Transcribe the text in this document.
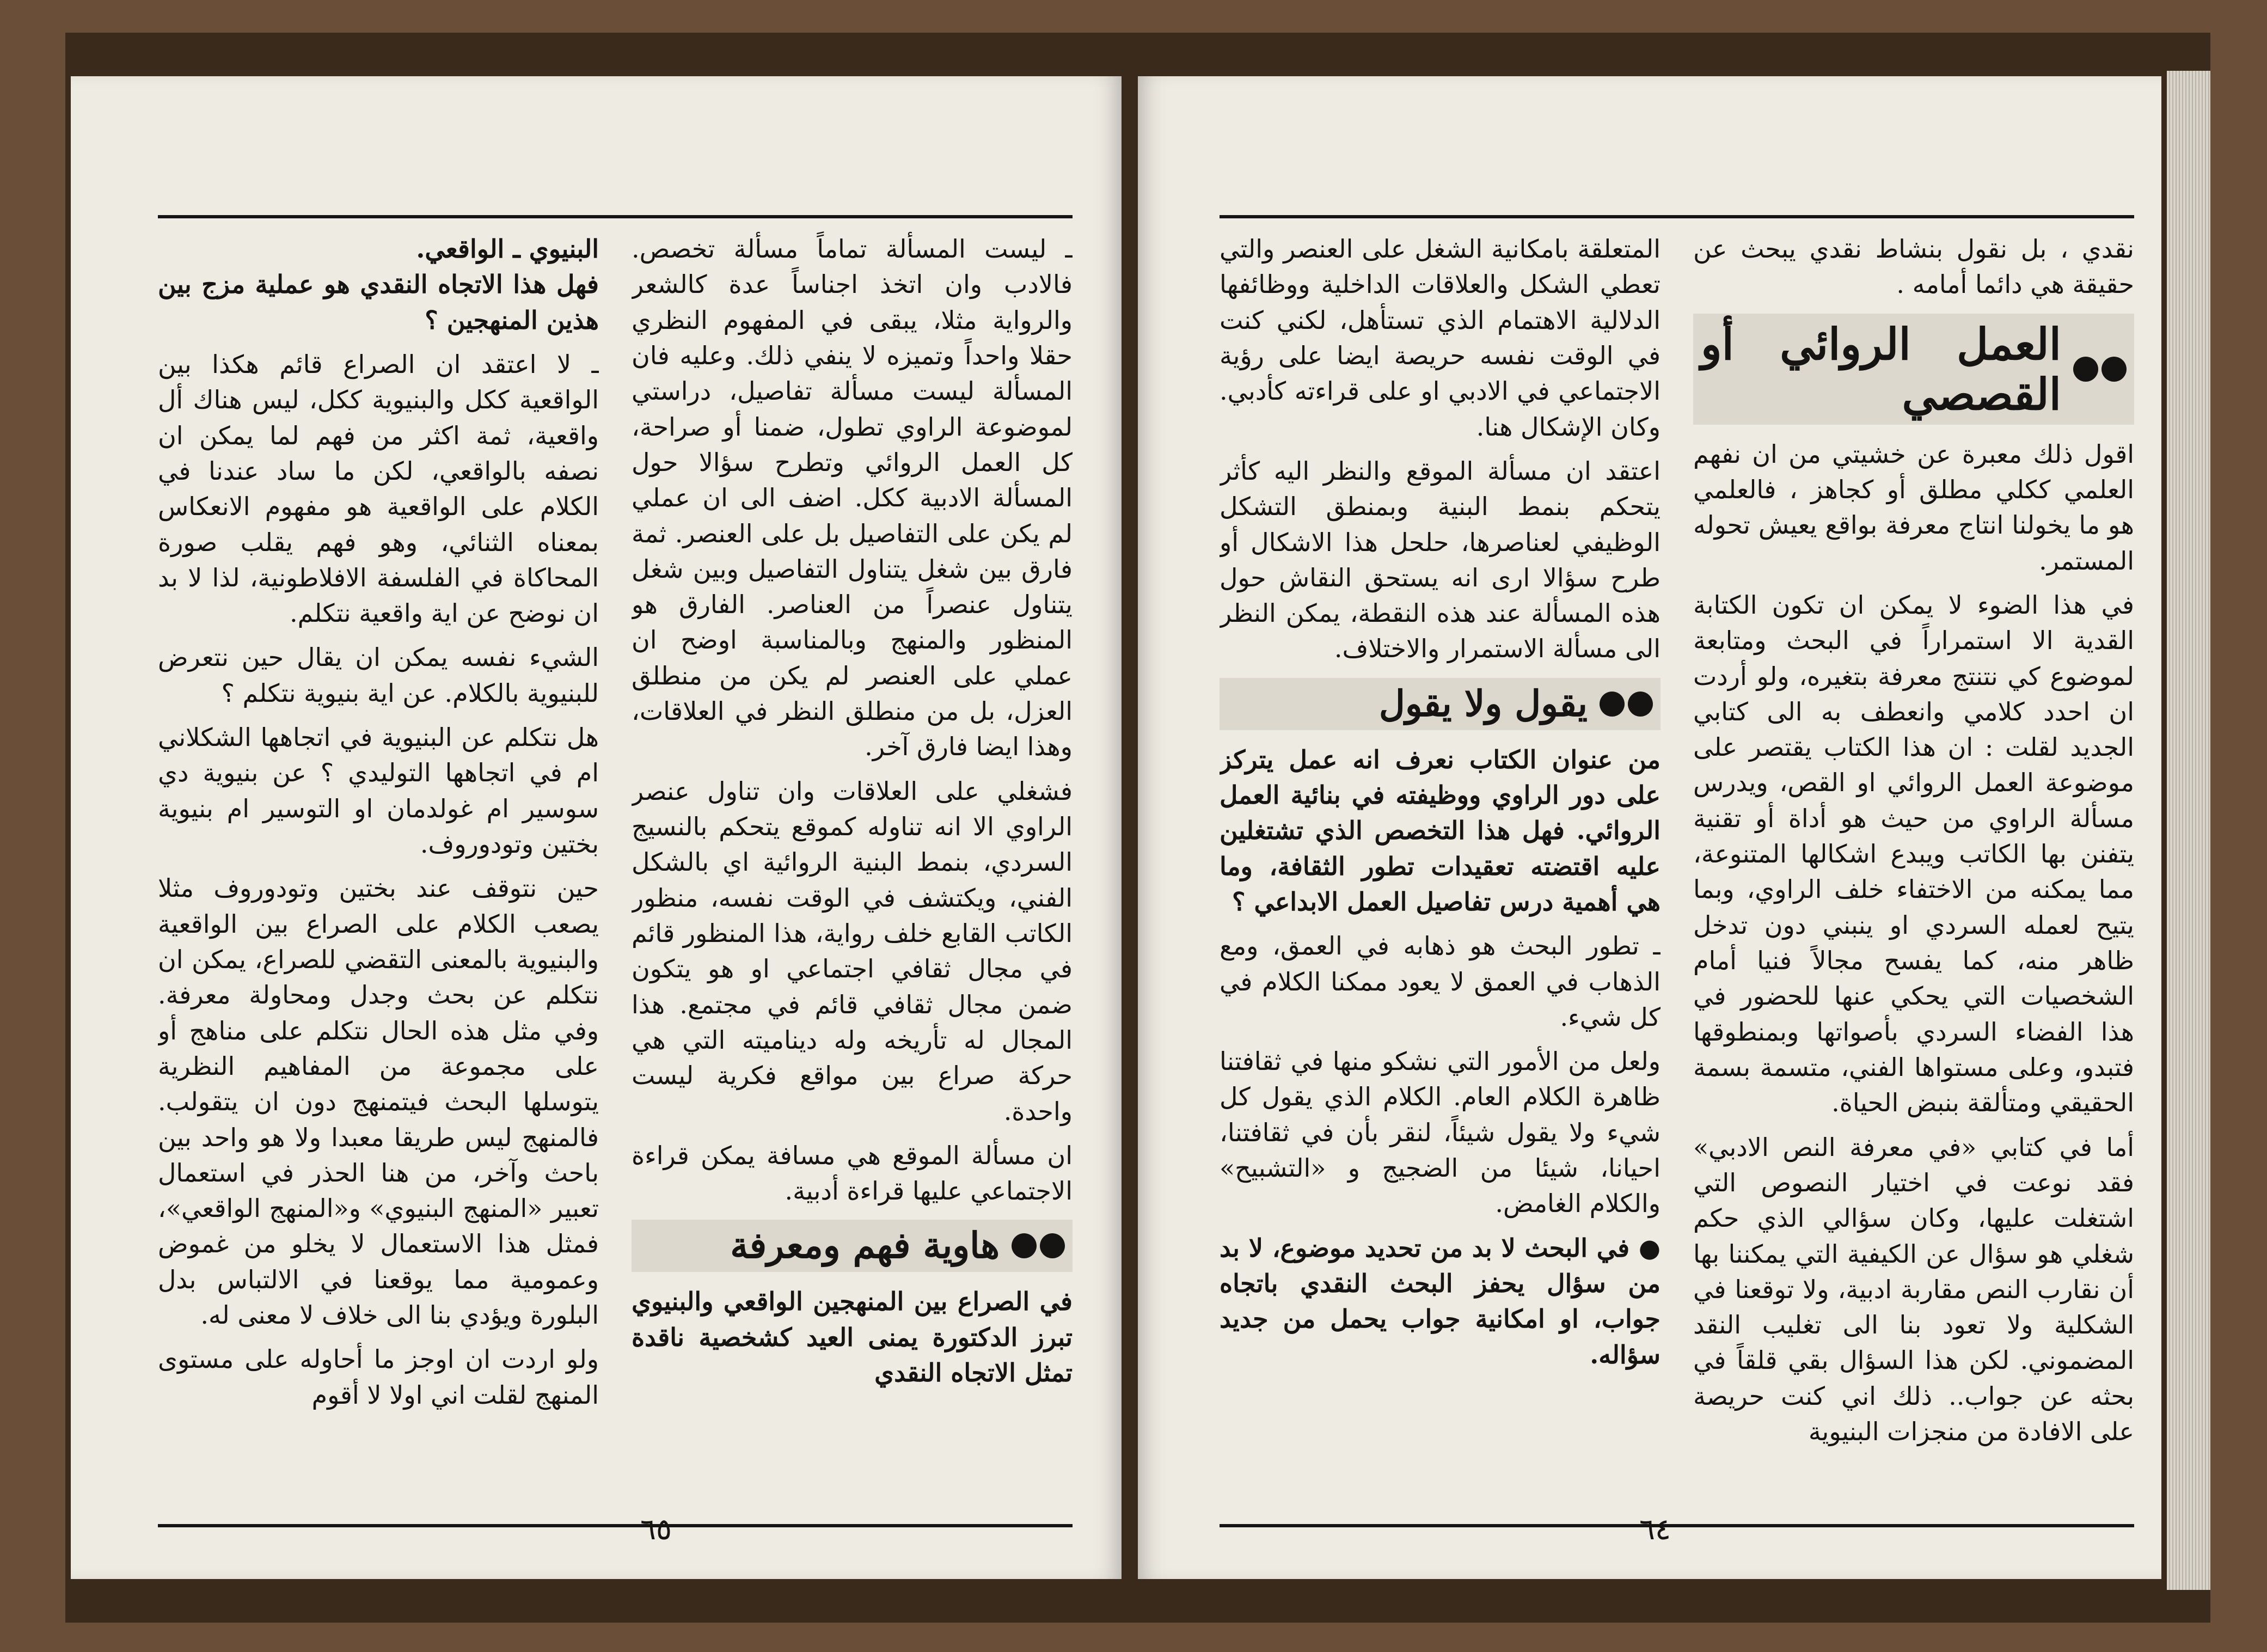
ـ ليست المسألة تماماً مسألة تخصص. فالادب وان اتخذ اجناساً عدة كالشعر والرواية مثلا، يبقى في المفهوم النظري حقلا واحداً وتميزه لا ينفي ذلك. وعليه فان المسألة ليست مسألة تفاصيل، دراستي لموضوعة الراوي تطول، ضمنا أو صراحة، كل العمل الروائي وتطرح سؤالا حول المسألة الادبية ككل. اضف الى ان عملي لم يكن على التفاصيل بل على العنصر. ثمة فارق بين شغل يتناول التفاصيل وبين شغل يتناول عنصراً من العناصر. الفارق هو المنظور والمنهج وبالمناسبة اوضح ان عملي على العنصر لم يكن من منطلق العزل، بل من منطلق النظر في العلاقات، وهذا ايضا فارق آخر.

فشغلي على العلاقات وان تناول عنصر الراوي الا انه تناوله كموقع يتحكم بالنسيج السردي، بنمط البنية الروائية اي بالشكل الفني، ويكتشف في الوقت نفسه، منظور الكاتب القابع خلف رواية، هذا المنظور قائم في مجال ثقافي اجتماعي او هو يتكون ضمن مجال ثقافي قائم في مجتمع. هذا المجال له تأريخه وله ديناميته التي هي حركة صراع بين مواقع فكرية ليست واحدة.

ان مسألة الموقع هي مسافة يمكن قراءة الاجتماعي عليها قراءة أدبية.

هاوية فهم ومعرفة

في الصراع بين المنهجين الواقعي والبنيوي تبرز الدكتورة يمنى العيد كشخصية ناقدة تمثل الاتجاه النقدي

البنيوي ـ الواقعي.

فهل هذا الاتجاه النقدي هو عملية مزج بين هذين المنهجين ؟

ـ لا اعتقد ان الصراع قائم هكذا بين الواقعية ككل والبنيوية ككل، ليس هناك أل واقعية، ثمة اكثر من فهم لما يمكن ان نصفه بالواقعي، لكن ما ساد عندنا في الكلام على الواقعية هو مفهوم الانعكاس بمعناه الثنائي، وهو فهم يقلب صورة المحاكاة في الفلسفة الافلاطونية، لذا لا بد ان نوضح عن اية واقعية نتكلم.

الشيء نفسه يمكن ان يقال حين نتعرض للبنيوية بالكلام. عن اية بنيوية نتكلم ؟

هل نتكلم عن البنيوية في اتجاهها الشكلاني ام في اتجاهها التوليدي ؟ عن بنيوية دي سوسير ام غولدمان او التوسير ام بنيوية بختين وتودوروف.

حين نتوقف عند بختين وتودوروف مثلا يصعب الكلام على الصراع بين الواقعية والبنيوية بالمعنى التقضي للصراع، يمكن ان نتكلم عن بحث وجدل ومحاولة معرفة. وفي مثل هذه الحال نتكلم على مناهج أو على مجموعة من المفاهيم النظرية يتوسلها البحث فيتمنهج دون ان يتقولب. فالمنهج ليس طريقا معبدا ولا هو واحد بين باحث وآخر، من هنا الحذر في استعمال تعبير «المنهج البنيوي» و«المنهج الواقعي»، فمثل هذا الاستعمال لا يخلو من غموض وعمومية مما يوقعنا في الالتباس بدل البلورة ويؤدي بنا الى خلاف لا معنى له.

ولو اردت ان اوجز ما أحاوله على مستوى المنهج لقلت اني اولا لا أقوم

٦٥

نقدي ، بل نقول بنشاط نقدي يبحث عن حقيقة هي دائما أمامه .

العمل الروائي أو القصصي

اقول ذلك معبرة عن خشيتي من ان نفهم العلمي ككلي مطلق أو كجاهز ، فالعلمي هو ما يخولنا انتاج معرفة بواقع يعيش تحوله المستمر.

في هذا الضوء لا يمكن ان تكون الكتابة القدية الا استمراراً في البحث ومتابعة لموضوع كي نتنتج معرفة بتغيره، ولو أردت ان احدد كلامي وانعطف به الى كتابي الجديد لقلت : ان هذا الكتاب يقتصر على موضوعة العمل الروائي او القص، ويدرس مسألة الراوي من حيث هو أداة أو تقنية يتفنن بها الكاتب ويبدع اشكالها المتنوعة، مما يمكنه من الاختفاء خلف الراوي، وبما يتيح لعمله السردي او ينبني دون تدخل ظاهر منه، كما يفسح مجالاً فنيا أمام الشخصيات التي يحكي عنها للحضور في هذا الفضاء السردي بأصواتها وبمنطوقها فتبدو، وعلى مستواها الفني، متسمة بسمة الحقيقي ومتألقة بنبض الحياة.

أما في كتابي «في معرفة النص الادبي» فقد نوعت في اختيار النصوص التي اشتغلت عليها، وكان سؤالي الذي حكم شغلي هو سؤال عن الكيفية التي يمكننا بها أن نقارب النص مقاربة ادبية، ولا توقعنا في الشكلية ولا تعود بنا الى تغليب النقد المضموني. لكن هذا السؤال بقي قلقاً في بحثه عن جواب.. ذلك اني كنت حريصة على الافادة من منجزات البنيوية

المتعلقة بامكانية الشغل على العنصر والتي تعطي الشكل والعلاقات الداخلية ووظائفها الدلالية الاهتمام الذي تستأهل، لكني كنت في الوقت نفسه حريصة ايضا على رؤية الاجتماعي في الادبي او على قراءته كأدبي. وكان الإشكال هنا.

اعتقد ان مسألة الموقع والنظر اليه كأثر يتحكم بنمط البنية وبمنطق التشكل الوظيفي لعناصرها، حلحل هذا الاشكال أو طرح سؤالا ارى انه يستحق النقاش حول هذه المسألة عند هذه النقطة، يمكن النظر الى مسألة الاستمرار والاختلاف.

يقول ولا يقول

من عنوان الكتاب نعرف انه عمل يتركز على دور الراوي ووظيفته في بنائية العمل الروائي. فهل هذا التخصص الذي تشتغلين عليه اقتضته تعقيدات تطور الثقافة، وما هي أهمية درس تفاصيل العمل الابداعي ؟

ـ تطور البحث هو ذهابه في العمق، ومع الذهاب في العمق لا يعود ممكنا الكلام في كل شيء.

ولعل من الأمور التي نشكو منها في ثقافتنا ظاهرة الكلام العام. الكلام الذي يقول كل شيء ولا يقول شيئاً، لنقر بأن في ثقافتنا، احيانا، شيئا من الضجيج و «التشبيح» والكلام الغامض.

● في البحث لا بد من تحديد موضوع، لا بد من سؤال يحفز البحث النقدي باتجاه جواب، او امكانية جواب يحمل من جديد سؤاله.

٦٤
